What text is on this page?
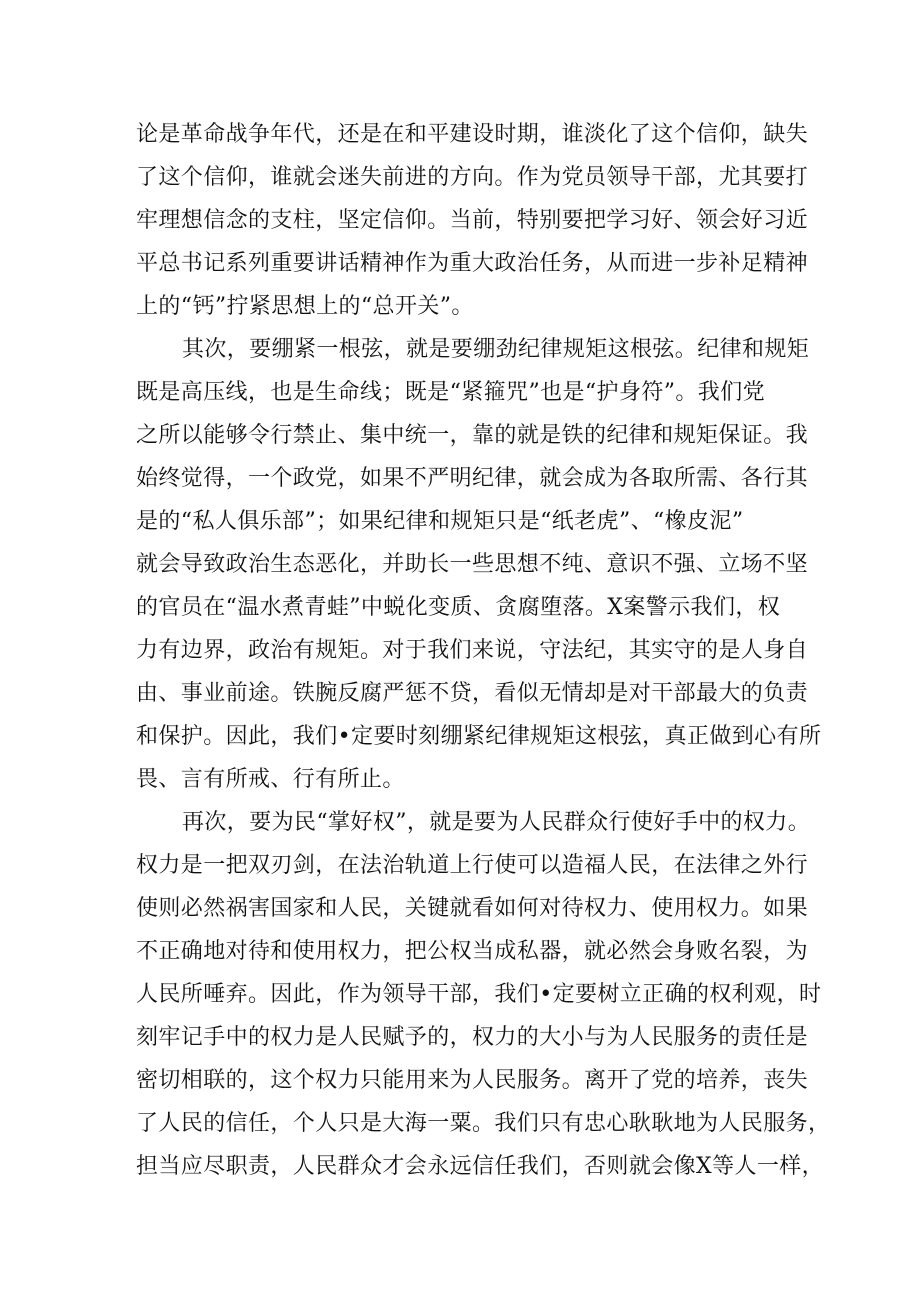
论是革命战争年代，还是在和平建设时期，谁淡化了这个信仰，缺失
了这个信仰，谁就会迷失前进的方向。作为党员领导干部，尤其要打
牢理想信念的支柱，坚定信仰。当前，特别要把学习好、领会好习近
平总书记系列重要讲话精神作为重大政治任务，从而进一步补足精神
上的“钙”拧紧思想上的“总开关”。
其次，要绷紧一根弦，就是要绷劲纪律规矩这根弦。纪律和规矩
既是高压线，也是生命线；既是“紧箍咒”也是“护身符”。我们党
之所以能够令行禁止、集中统一，靠的就是铁的纪律和规矩保证。我
始终觉得，一个政党，如果不严明纪律，就会成为各取所需、各行其
是的“私人俱乐部”；如果纪律和规矩只是“纸老虎”、“橡皮泥”
就会导致政治生态恶化，并助长一些思想不纯、意识不强、立场不坚
的官员在“温水煮青蛙”中蜕化变质、贪腐堕落。X案警示我们，权
力有边界，政治有规矩。对于我们来说，守法纪，其实守的是人身自
由、事业前途。铁腕反腐严惩不贷，看似无情却是对干部最大的负责
和保护。因此，我们•定要时刻绷紧纪律规矩这根弦，真正做到心有所
畏、言有所戒、行有所止。
再次，要为民“掌好权”，就是要为人民群众行使好手中的权力。
权力是一把双刃剑，在法治轨道上行使可以造福人民，在法律之外行
使则必然祸害国家和人民，关键就看如何对待权力、使用权力。如果
不正确地对待和使用权力，把公权当成私器，就必然会身败名裂，为
人民所唾弃。因此，作为领导干部，我们•定要树立正确的权利观，时
刻牢记手中的权力是人民赋予的，权力的大小与为人民服务的责任是
密切相联的，这个权力只能用来为人民服务。离开了党的培养，丧失
了人民的信任，个人只是大海一粟。我们只有忠心耿耿地为人民服务，
担当应尽职责，人民群众才会永远信任我们，否则就会像X等人一样，
